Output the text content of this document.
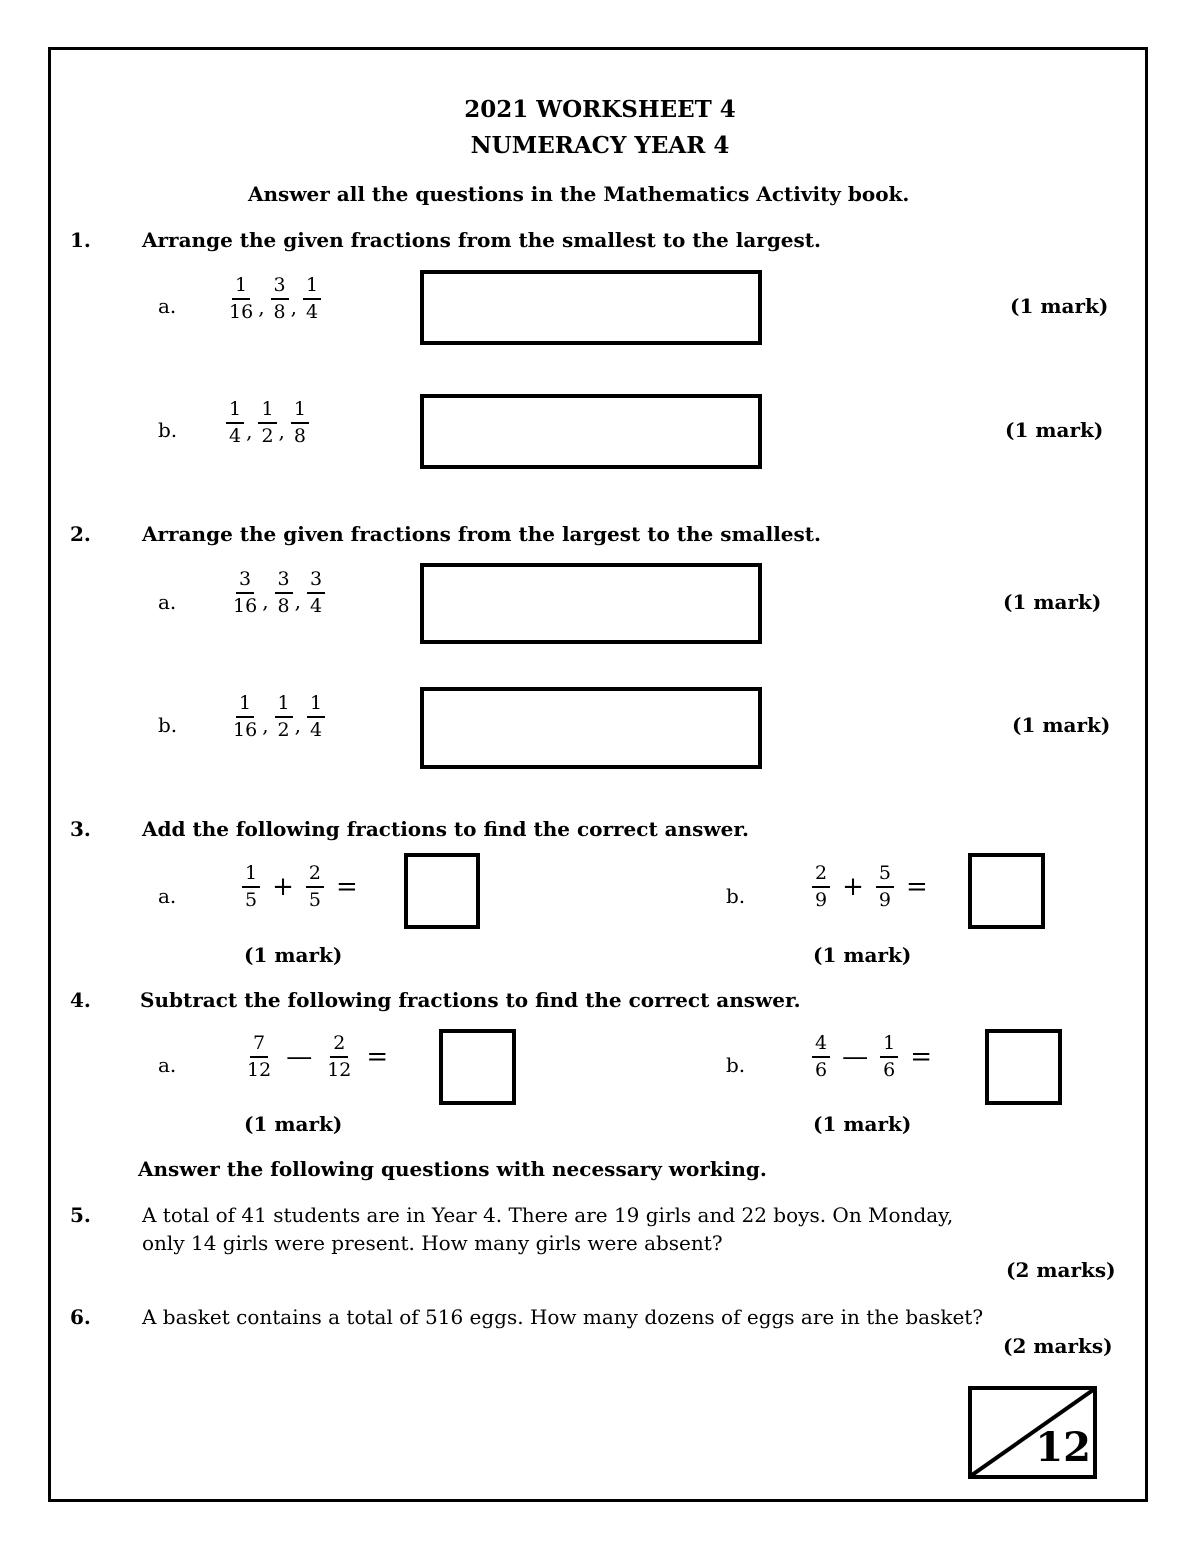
2021 WORKSHEET 4
NUMERACY YEAR 4
Answer all the questions in the Mathematics Activity book.
1.	Arrange the given fractions from the smallest to the largest.
a.	$\frac{1}{16}$ , $\frac{3}{8}$ , $\frac{1}{4}$	(1 mark)
b.	$\frac{1}{4}$ , $\frac{1}{2}$ , $\frac{1}{8}$	(1 mark)
2.	Arrange the given fractions from the largest to the smallest.
a.	$\frac{3}{16}$ , $\frac{3}{8}$ , $\frac{3}{4}$	(1 mark)
b.	$\frac{1}{16}$ , $\frac{1}{2}$ , $\frac{1}{4}$	(1 mark)
3.	Add the following fractions to find the correct answer.
a.	$\frac{1}{5} + \frac{2}{5}$ =
(1 mark)
b.	$\frac{2}{9} + \frac{5}{9}$ =
(1 mark)
4. Subtract the following fractions to find the correct answer.
a.	$\frac{7}{12}$ — $\frac{2}{12}$ =
(1 mark)
b.	$\frac{4}{6}$ — $\frac{1}{6}$ =
(1 mark)
Answer the following questions with necessary working.
5.	A total of 41 students are in Year 4. There are 19 girls and 22 boys. On Monday,
only 14 girls were present. How many girls were absent?
(2 marks)
6.	A basket contains a total of 516 eggs. How many dozens of eggs are in the basket?
(2 marks)
12
